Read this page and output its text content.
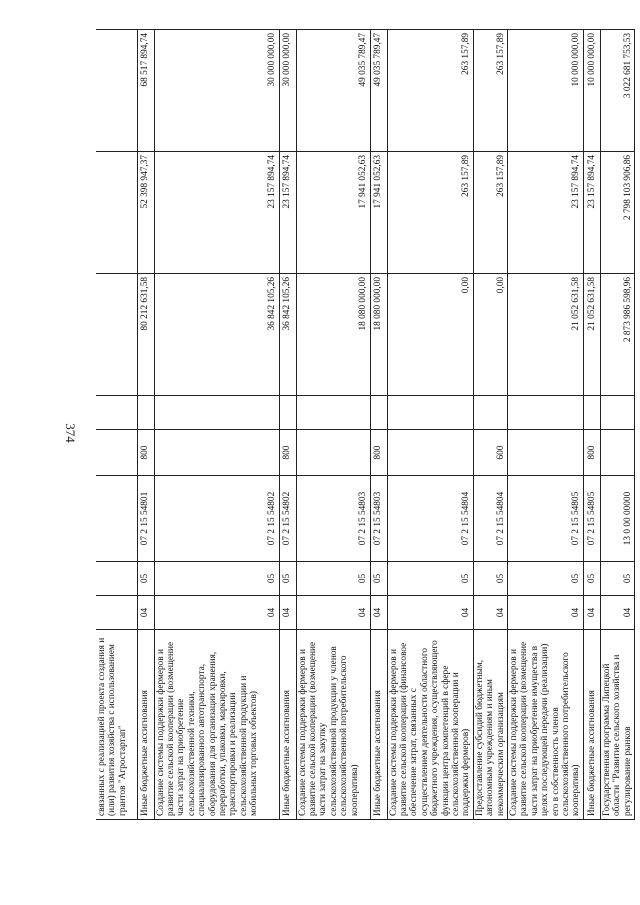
374
связанных с реализацией проекта создания и (или) развития хозяйства с использованием грантов "Агростартап"								
Иные бюджетные ассигнования	04	05	07 2 15 54801	800		80 212 631,58	52 398 947,37	68 517 894,74
Создание системы поддержки фермеров и развитие сельской кооперации (возмещение части затрат на приобретение сельскохозяйственной техники, специализированного автотранспорта, оборудования для организации хранения, переработки, упаковки, маркировки, транспортировки и реализации сельскохозяйственной продукции и мобильных торговых объектов)	04	05	07 2 15 54802			36 842 105,26	23 157 894,74	30 000 000,00
Иные бюджетные ассигнования	04	05	07 2 15 54802	800		36 842 105,26	23 157 894,74	30 000 000,00
Создание системы поддержки фермеров и развитие сельской кооперации (возмещение части затрат на закупку сельскохозяйственной продукции у членов сельскохозяйственной потребительского кооператива)	04	05	07 2 15 54803			18 080 000,00	17 941 052,63	49 035 789,47
Иные бюджетные ассигнования	04	05	07 2 15 54803	800		18 080 000,00	17 941 052,63	49 035 789,47
Создание системы поддержки фермеров и развитие сельской кооперации (финансовое обеспечение затрат, связанных с осуществлением деятельности областного бюджетного учреждения, осуществляющего функции центра компетенций в сфере сельскохозяйственной кооперации и поддержки фермеров)	04	05	07 2 15 54804			0,00	263 157,89	263 157,89
Предоставление субсидий бюджетным, автономным учреждениям и иным некоммерческим организациям	04	05	07 2 15 54804	600		0,00	263 157,89	263 157,89
Создание системы поддержки фермеров и развитие сельской кооперации (возмещение части затрат на приобретение имущества в целях последующей передачи (реализации) его в собственность членов сельскохозяйственного потребительского кооператива)	04	05	07 2 15 54805			21 052 631,58	23 157 894,74	10 000 000,00
Иные бюджетные ассигнования	04	05	07 2 15 54805	800		21 052 631,58	23 157 894,74	10 000 000,00
Государственная программа Липецкой области "Развитие сельского хозяйства и регулирование рынков	04	05	13 0 00 00000			2 873 986 598,96	2 798 103 906,86	3 022 681 753,53
